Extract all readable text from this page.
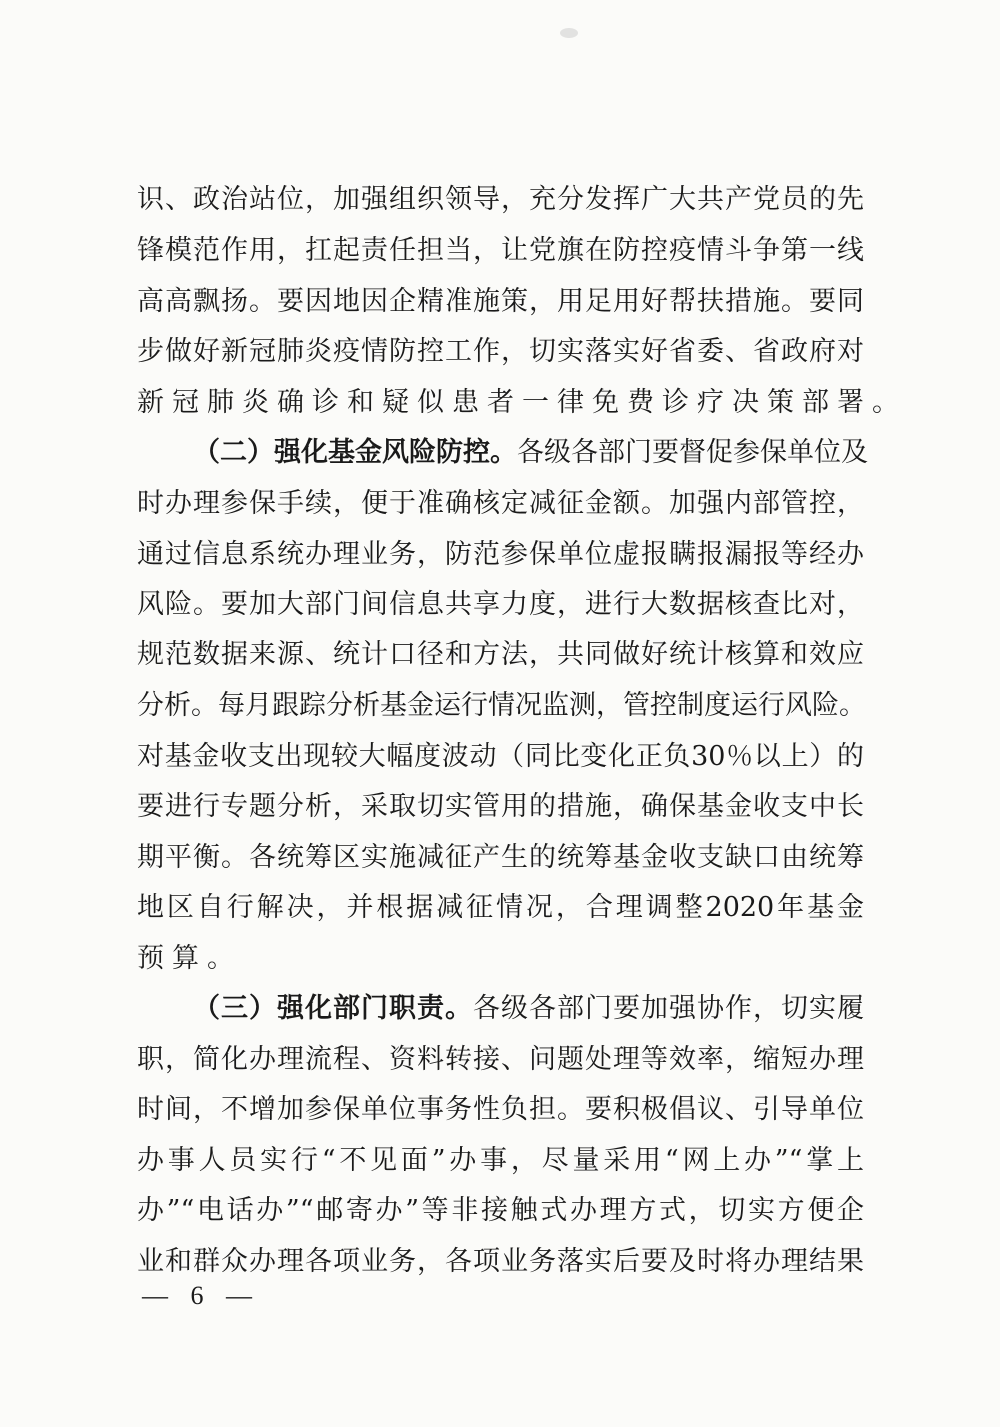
识、政治站位，加强组织领导，充分发挥广大共产党员的先
锋模范作用，扛起责任担当，让党旗在防控疫情斗争第一线
高高飘扬。要因地因企精准施策，用足用好帮扶措施。要同
步做好新冠肺炎疫情防控工作，切实落实好省委、省政府对
新冠肺炎确诊和疑似患者一律免费诊疗决策部署。
（二）强化基金风险防控。各级各部门要督促参保单位及
时办理参保手续，便于准确核定减征金额。加强内部管控，
通过信息系统办理业务，防范参保单位虚报瞒报漏报等经办
风险。要加大部门间信息共享力度，进行大数据核查比对，
规范数据来源、统计口径和方法，共同做好统计核算和效应
分析。每月跟踪分析基金运行情况监测，管控制度运行风险。
对基金收支出现较大幅度波动（同比变化正负30％以上）的
要进行专题分析，采取切实管用的措施，确保基金收支中长
期平衡。各统筹区实施减征产生的统筹基金收支缺口由统筹
地区自行解决，并根据减征情况，合理调整2020年基金
预算。
（三）强化部门职责。各级各部门要加强协作，切实履
职，简化办理流程、资料转接、问题处理等效率，缩短办理
时间，不增加参保单位事务性负担。要积极倡议、引导单位
办事人员实行“不见面”办事，尽量采用“网上办”“掌上
办”“电话办”“邮寄办”等非接触式办理方式，切实方便企
业和群众办理各项业务，各项业务落实后要及时将办理结果
— 6 —
